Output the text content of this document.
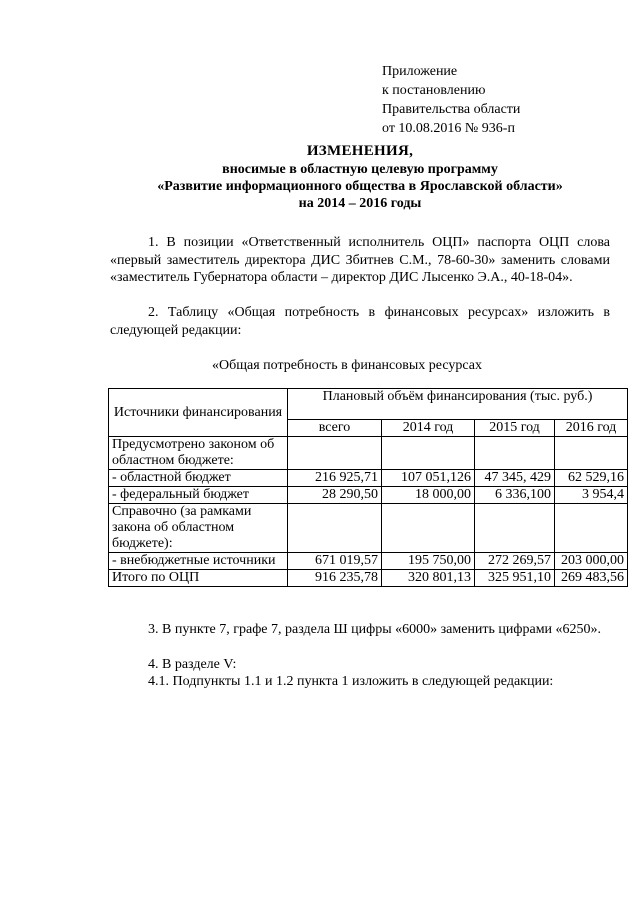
Приложение
к постановлению
Правительства области
от 10.08.2016 № 936-п
ИЗМЕНЕНИЯ,
вносимые в областную целевую программу
«Развитие информационного общества в Ярославской области»
на 2014 – 2016 годы
1. В позиции «Ответственный исполнитель ОЦП» паспорта ОЦП слова «первый заместитель директора ДИС Збитнев С.М., 78-60-30» заменить словами «заместитель Губернатора области – директор ДИС Лысенко Э.А., 40-18-04».
2. Таблицу «Общая потребность в финансовых ресурсах» изложить в следующей редакции:
«Общая потребность в финансовых ресурсах
Источники финансирования	Плановый объём финансирования (тыс. руб.)			
	всего	2014 год	2015 год	2016 год
Предусмотрено законом об областном бюджете:				
- областной бюджет	216 925,71	107 051,126	47 345, 429	62 529,16
- федеральный бюджет	28 290,50	18 000,00	6 336,100	3 954,4
Справочно (за рамками закона об областном бюджете):				
- внебюджетные источники	671 019,57	195 750,00	272 269,57	203 000,00
Итого по ОЦП	916 235,78	320 801,13	325 951,10	269 483,56
3. В пункте 7, графе 7, раздела Ш цифры «6000» заменить цифрами «6250».
4. В разделе V:
4.1. Подпункты 1.1 и 1.2 пункта 1 изложить в следующей редакции:
